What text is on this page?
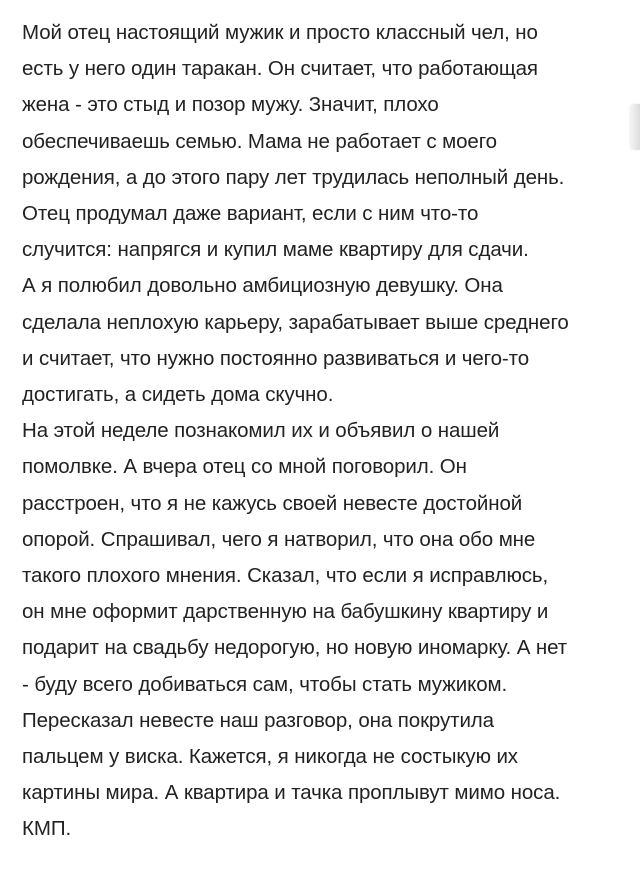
Мой отец настоящий мужик и просто классный чел, но
есть у него один таракан. Он считает, что работающая
жена - это стыд и позор мужу. Значит, плохо
обеспечиваешь семью. Мама не работает с моего
рождения, а до этого пару лет трудилась неполный день.
Отец продумал даже вариант, если с ним что-то
случится: напрягся и купил маме квартиру для сдачи.
А я полюбил довольно амбициозную девушку. Она
сделала неплохую карьеру, зарабатывает выше среднего
и считает, что нужно постоянно развиваться и чего-то
достигать, а сидеть дома скучно.
На этой неделе познакомил их и объявил о нашей
помолвке. А вчера отец со мной поговорил. Он
расстроен, что я не кажусь своей невесте достойной
опорой. Спрашивал, чего я натворил, что она обо мне
такого плохого мнения. Сказал, что если я исправлюсь,
он мне оформит дарственную на бабушкину квартиру и
подарит на свадьбу недорогую, но новую иномарку. А нет
- буду всего добиваться сам, чтобы стать мужиком.
Пересказал невесте наш разговор, она покрутила
пальцем у виска. Кажется, я никогда не состыкую их
картины мира. А квартира и тачка проплывут мимо носа.
КМП.
